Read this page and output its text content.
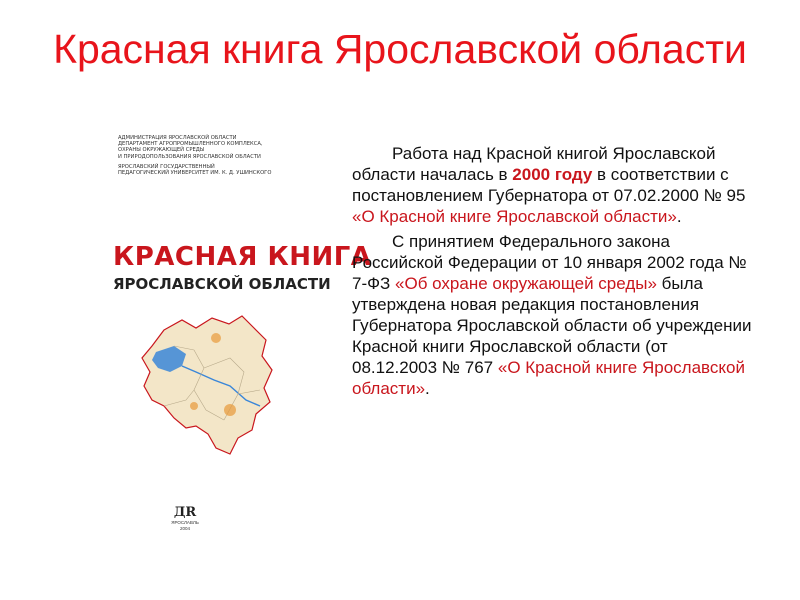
Красная книга Ярославской области
АДМИНИСТРАЦИЯ ЯРОСЛАВСКОЙ ОБЛАСТИ
ДЕПАРТАМЕНТ АГРОПРОМЫШЛЕННОГО КОМПЛЕКСА,
ОХРАНЫ ОКРУЖАЮЩЕЙ СРЕДЫ
И ПРИРОДОПОЛЬЗОВАНИЯ ЯРОСЛАВСКОЙ ОБЛАСТИ
ЯРОСЛАВСКИЙ ГОСУДАРСТВЕННЫЙ
ПЕДАГОГИЧЕСКИЙ УНИВЕРСИТЕТ ИМ. К. Д. УШИНСКОГО
КРАСНАЯ КНИГА
ЯРОСЛАВСКОЙ ОБЛАСТИ
ДR
ЯРОСЛАВЛЬ
2004

Работа над Красной книгой Ярославской области началась в 2000 году в соответствии с постановлением Губернатора от 07.02.2000 № 95 «О Красной книге Ярославской области».

С принятием Федерального закона Российской Федерации от 10 января 2002 года № 7-ФЗ «Об охране окружающей среды» была утверждена новая редакция постановления Губернатора Ярославской области об учреждении Красной книги Ярославской области (от 08.12.2003 № 767 «О Красной книге Ярославской области».
